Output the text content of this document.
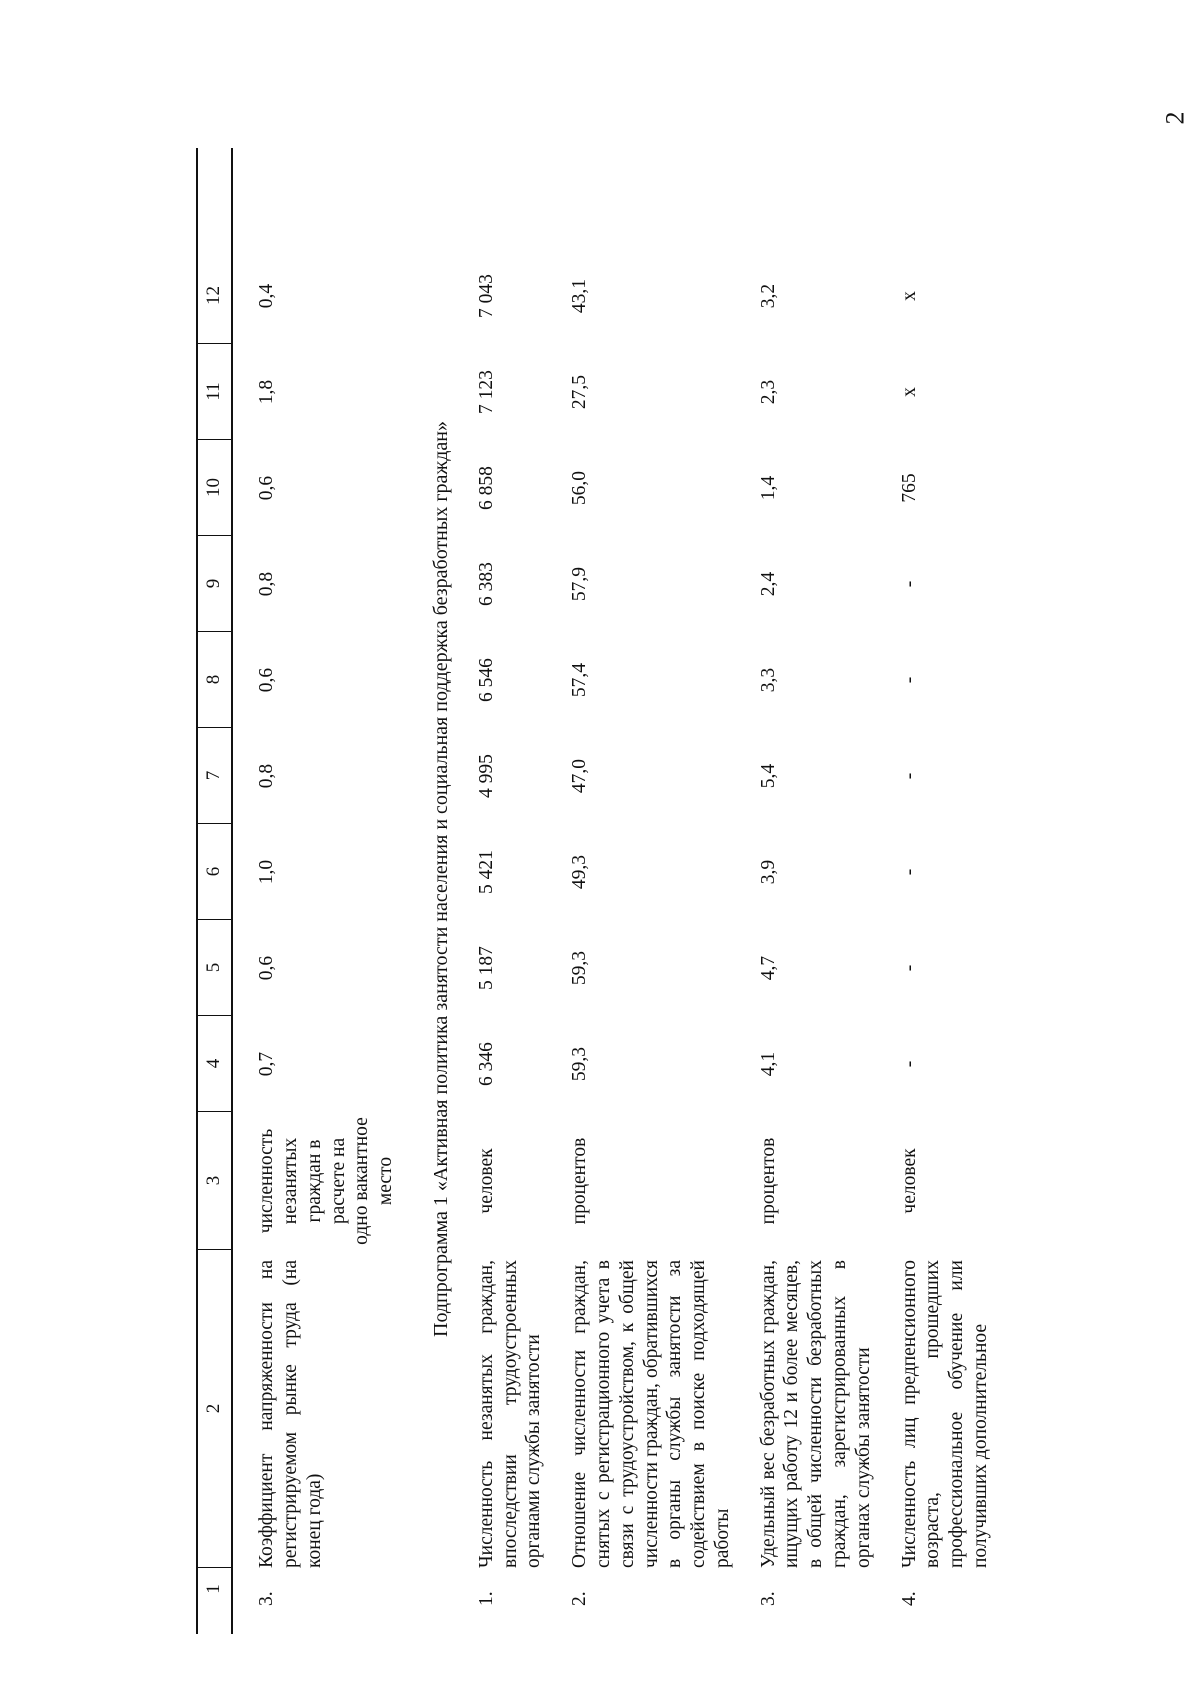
2
1
2
3
4
5
6
7
8
9
10
11
12
3.
Коэффициент напряженности на регистрируемом рынке труда (на конец года)
численность незанятых граждан в расчете на одно вакантное место
0,7
0,6
1,0
0,8
0,6
0,8
0,6
1,8
0,4
Подпрограмма 1 «Активная политика занятости населения и социальная поддержка безработных граждан»
1.
Численность незанятых граждан, впоследствии трудоустроенных органами службы занятости
человек
6 346
5 187
5 421
4 995
6 546
6 383
6 858
7 123
7 043
2.
Отношение численности граждан, снятых с регистрационного учета в связи с трудоустройством, к общей численности граждан, обратившихся в органы службы занятости за содействием в поиске подходящей работы
процентов
59,3
59,3
49,3
47,0
57,4
57,9
56,0
27,5
43,1
3.
Удельный вес безработных граждан, ищущих работу 12 и более месяцев, в общей численности безработных граждан, зарегистрированных в органах службы занятости
процентов
4,1
4,7
3,9
5,4
3,3
2,4
1,4
2,3
3,2
4.
Численность лиц предпенсионного возраста, прошедших профессиональное обучение или получивших дополнительное
человек
-
-
-
-
-
-
765
x
x
